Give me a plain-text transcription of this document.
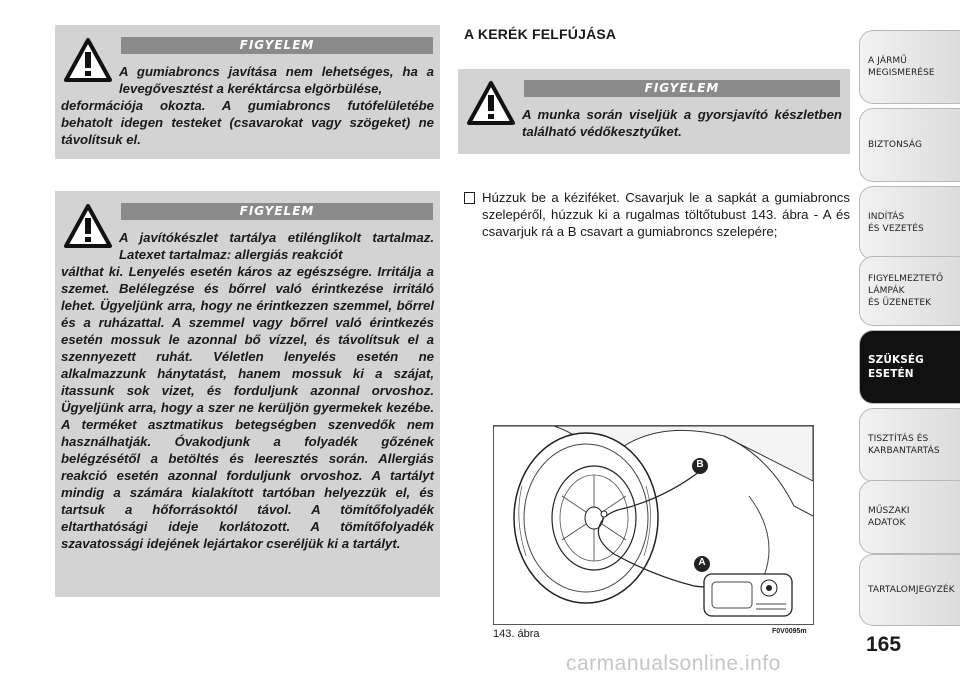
FIGYELEM

A gumiabroncs javítása nem lehetséges, ha a levegővesztést a keréktárcsa elgörbülése,
deformációja okozta. A gumiabroncs futófelületébe behatolt idegen testeket (csavarokat vagy szögeket) ne távolítsuk el.

FIGYELEM

A javítókészlet tartálya etilénglikolt tartalmaz. Latexet tartalmaz: allergiás reakciót
válthat ki. Lenyelés esetén káros az egészségre. Irritálja a szemet. Belélegzése és bőrrel való érintkezése irritáló lehet. Ügyeljünk arra, hogy ne érintkezzen szemmel, bőrrel és a ruházattal. A szemmel vagy bőrrel való érintkezés esetén mossuk le azonnal bő vízzel, és távolítsuk el a szennyezett ruhát. Véletlen lenyelés esetén ne alkalmazzunk hánytatást, hanem mossuk ki a szájat, itassunk sok vizet, és forduljunk azonnal orvoshoz. Ügyeljünk arra, hogy a szer ne kerüljön gyermekek kezébe. A terméket asztmatikus betegségben szenvedők nem használhatják. Óvakodjunk a folyadék gőzének belégzésétől a betöltés és leeresztés során. Allergiás reakció esetén azonnal forduljunk orvoshoz. A tartályt mindig a számára kialakított tartóban helyezzük el, és tartsuk a hőforrásoktól távol. A tömítőfolyadék eltarthatósági ideje korlátozott. A tömítőfolyadék szavatossági idejének lejártakor cseréljük ki a tartályt.

A KERÉK FELFÚJÁSA
FIGYELEM

A munka során viseljük a gyorsjavító készletben található védőkesztyűket.

Húzzuk be a kéziféket. Csavarjuk le a sapkát a gumiabroncs szelepéről, húzzuk ki a rugalmas töltőtubust 143. ábra - A és csavarjuk rá a B csavart a gumiabroncs szelepére;
B
A
143. ábra	F0V0095m
165
A JÁRMŰ
MEGISMERÉSE
BIZTONSÁG
INDÍTÁS
ÉS VEZETÉS
FIGYELMEZTETŐ
LÁMPÁK
ÉS ÜZENETEK
SZÜKSÉG
ESETÉN
TISZTÍTÁS ÉS
KARBANTARTÁS
MŰSZAKI
ADATOK
TARTALOMJEGYZÉK
carmanualsonline.info
